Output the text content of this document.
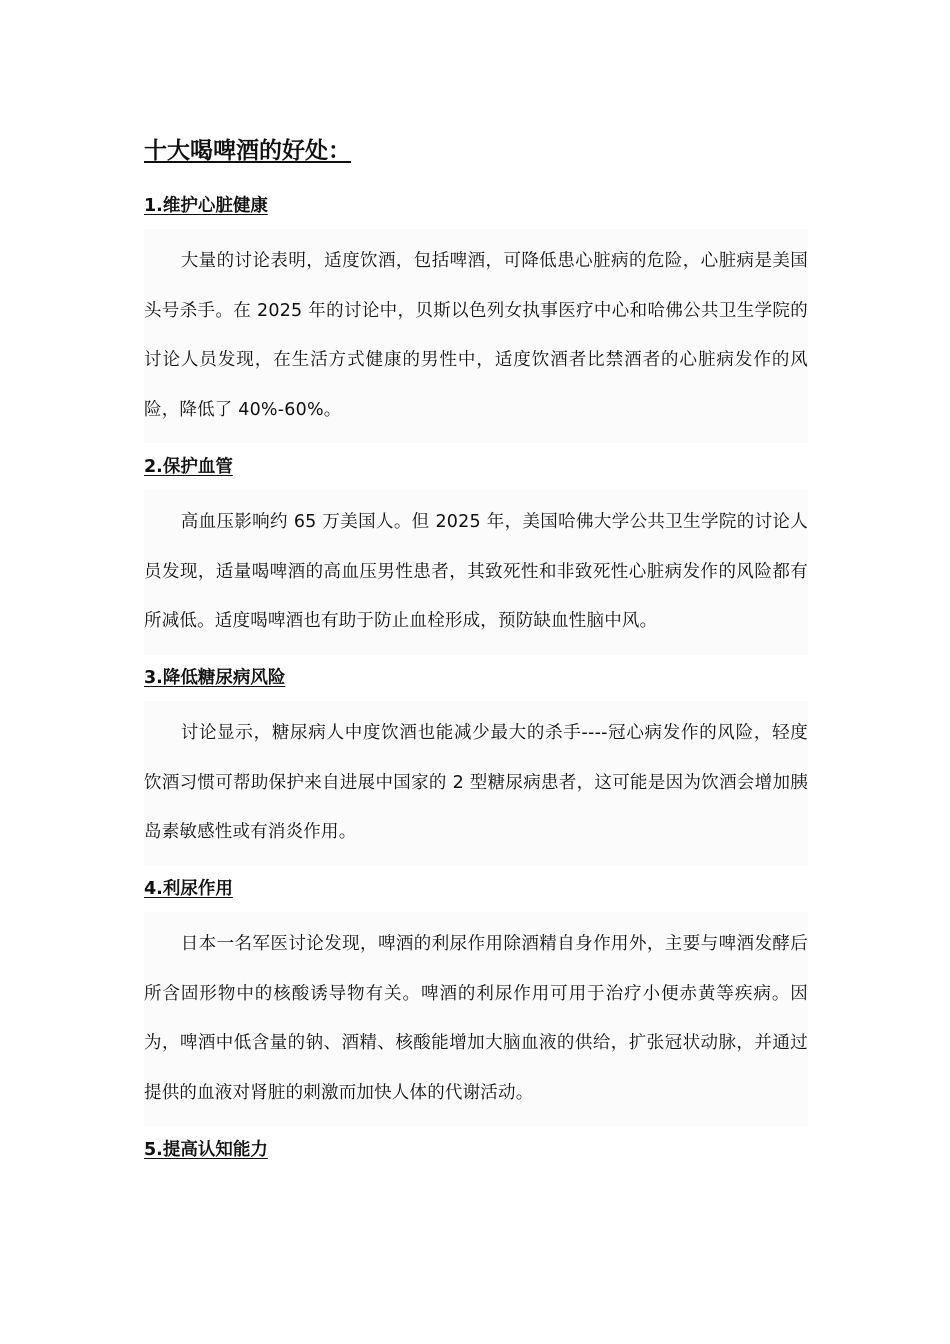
十大喝啤酒的好处：
1.维护心脏健康

大量的讨论表明，适度饮酒，包括啤酒，可降低患心脏病的危险，心脏病是美国头号杀手。在 2025 年的讨论中，贝斯以色列女执事医疗中心和哈佛公共卫生学院的讨论人员发现，在生活方式健康的男性中，适度饮酒者比禁酒者的心脏病发作的风险，降低了 40%-60%。

2.保护血管

高血压影响约 65 万美国人。但 2025 年，美国哈佛大学公共卫生学院的讨论人员发现，适量喝啤酒的高血压男性患者，其致死性和非致死性心脏病发作的风险都有所减低。适度喝啤酒也有助于防止血栓形成，预防缺血性脑中风。

3.降低糖尿病风险

讨论显示，糖尿病人中度饮酒也能减少最大的杀手----冠心病发作的风险，轻度饮酒习惯可帮助保护来自进展中国家的 2 型糖尿病患者，这可能是因为饮酒会增加胰岛素敏感性或有消炎作用。

4.利尿作用

日本一名军医讨论发现，啤酒的利尿作用除酒精自身作用外，主要与啤酒发酵后所含固形物中的核酸诱导物有关。啤酒的利尿作用可用于治疗小便赤黄等疾病。因为，啤酒中低含量的钠、酒精、核酸能增加大脑血液的供给，扩张冠状动脉，并通过提供的血液对肾脏的刺激而加快人体的代谢活动。

5.提高认知能力
